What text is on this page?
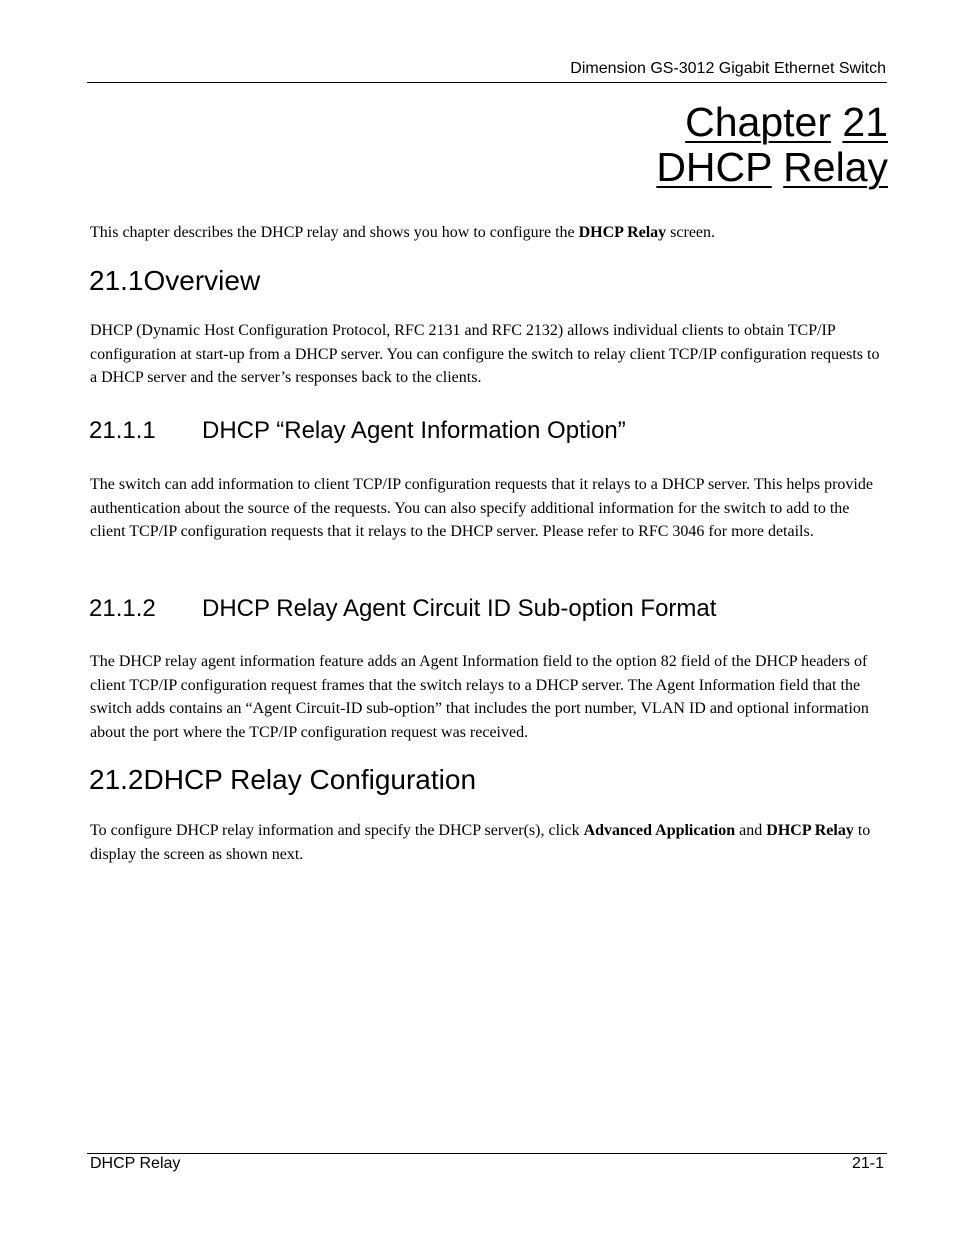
Dimension GS-3012 Gigabit Ethernet Switch
Chapter 21
DHCP Relay
This chapter describes the DHCP relay and shows you how to configure the DHCP Relay screen.
21.1Overview
DHCP (Dynamic Host Configuration Protocol, RFC 2131 and RFC 2132) allows individual clients to obtain TCP/IP configuration at start-up from a DHCP server. You can configure the switch to relay client TCP/IP configuration requests to a DHCP server and the server’s responses back to the clients.
21.1.1 DHCP “Relay Agent Information Option”
The switch can add information to client TCP/IP configuration requests that it relays to a DHCP server. This helps provide authentication about the source of the requests. You can also specify additional information for the switch to add to the client TCP/IP configuration requests that it relays to the DHCP server. Please refer to RFC 3046 for more details.
21.1.2 DHCP Relay Agent Circuit ID Sub-option Format
The DHCP relay agent information feature adds an Agent Information field to the option 82 field of the DHCP headers of client TCP/IP configuration request frames that the switch relays to a DHCP server. The Agent Information field that the switch adds contains an “Agent Circuit-ID sub-option” that includes the port number, VLAN ID and optional information about the port where the TCP/IP configuration request was received.
21.2DHCP Relay Configuration
To configure DHCP relay information and specify the DHCP server(s), click Advanced Application and DHCP Relay to display the screen as shown next.
DHCP Relay	21-1
